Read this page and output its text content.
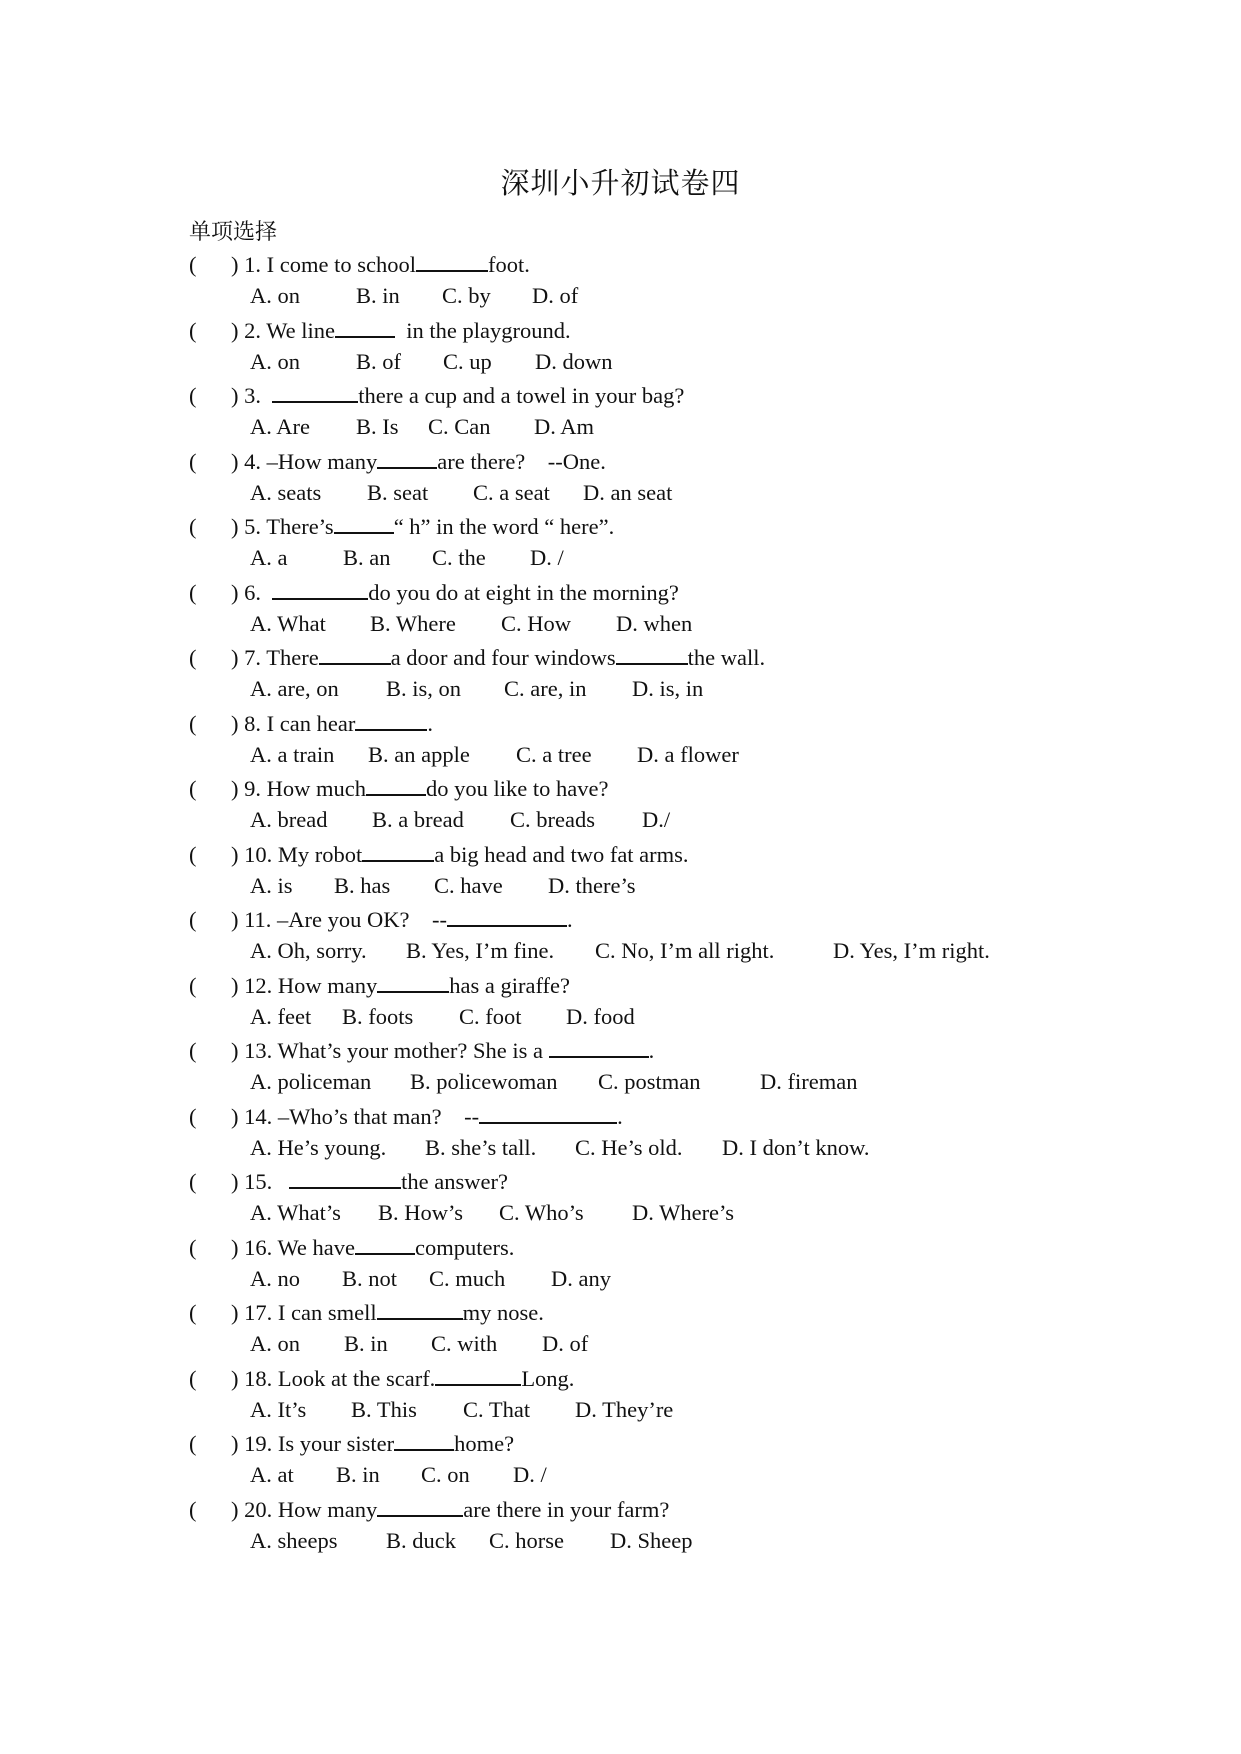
深圳小升初试卷四
单项选择
( ) 1. I come to school	foot.
A. on B. in C. by D. of
( ) 2. We line	in the playground.
A. on B. of C. up D. down
( ) 3.	there a cup and a towel in your bag?
A. Are B. Is C. Can D. Am
( ) 4. –How many	are there?    --One.
A. seats B. seat C. a seat D. an seat
( ) 5. There’s	“ h” in the word “ here”.
A. a B. an C. the D. /
( ) 6.	do you do at eight in the morning?
A. What B. Where C. How D. when
( ) 7. There	a door and four windows	the wall.
A. are, on B. is, on C. are, in D. is, in
( ) 8. I can hear	.
A. a train B. an apple C. a tree D. a flower
( ) 9. How much	do you like to have?
A. bread B. a bread C. breads D./
( ) 10. My robot	a big head and two fat arms.
A. is B. has C. have D. there’s
( ) 11. –Are you OK?    --	.
A. Oh, sorry. B. Yes, I’m fine. C. No, I’m all right.	D. Yes, I’m right.
( ) 12. How many	has a giraffe?
A. feet B. foots C. foot D. food
( ) 13. What’s your mother? She is a	.
A. policeman B. policewoman C. postman	D. fireman
( ) 14. –Who’s that man?    --	.
A. He’s young. B. she’s tall. C. He’s old. D. I don’t know.
( ) 15.	the answer?
A. What’s B. How’s C. Who’s D. Where’s
( ) 16. We have	computers.
A. no B. not C. much D. any
( ) 17. I can smell	my nose.
A. on B. in C. with D. of
( ) 18. Look at the scarf.	Long.
A. It’s B. This C. That D. They’re
( ) 19. Is your sister	home?
A. at B. in C. on D. /
( ) 20. How many	are there in your farm?
A. sheeps B. duck C. horse D. Sheep
